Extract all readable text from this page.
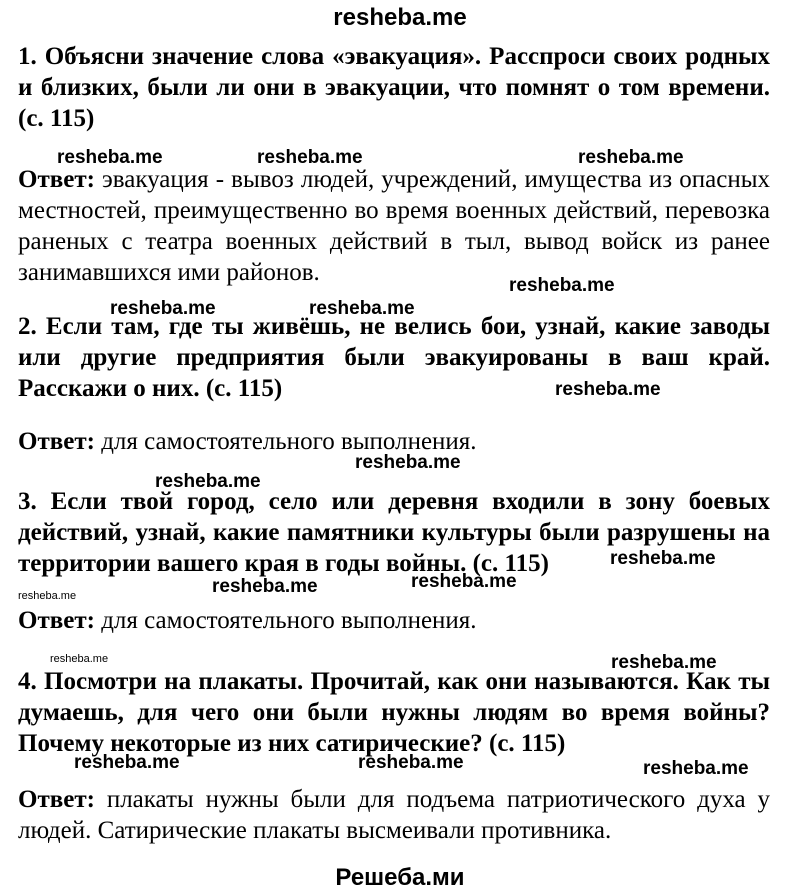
resheba.me
1. Объясни значение слова «эвакуация». Расспроси своих родных и близких, были ли они в эвакуации, что помнят о том времени. (с. 115)
Ответ: эвакуация - вывоз людей, учреждений, имущества из опасных местностей, преимущественно во время военных действий, перевозка раненых с театра военных действий в тыл, вывод войск из ранее занимавшихся ими районов.
2. Если там, где ты живёшь, не велись бои, узнай, какие заводы или другие предприятия были эвакуированы в ваш край. Расскажи о них. (с. 115)
Ответ: для самостоятельного выполнения.
3. Если твой город, село или деревня входили в зону боевых действий, узнай, какие памятники культуры были разрушены на территории вашего края в годы войны. (с. 115)
Ответ: для самостоятельного выполнения.
4. Посмотри на плакаты. Прочитай, как они называются. Как ты думаешь, для чего они были нужны людям во время войны? Почему некоторые из них сатирические? (с. 115)
Ответ: плакаты нужны были для подъема патриотического духа у людей. Сатирические плакаты высмеивали противника.
resheba.me	resheba.me	resheba.me
resheba.me
resheba.me	resheba.me
resheba.me
resheba.me
resheba.me
resheba.me
resheba.me	resheba.me
resheba.me
resheba.me	resheba.me
resheba.me	resheba.me	resheba.me
Решеба.ми
